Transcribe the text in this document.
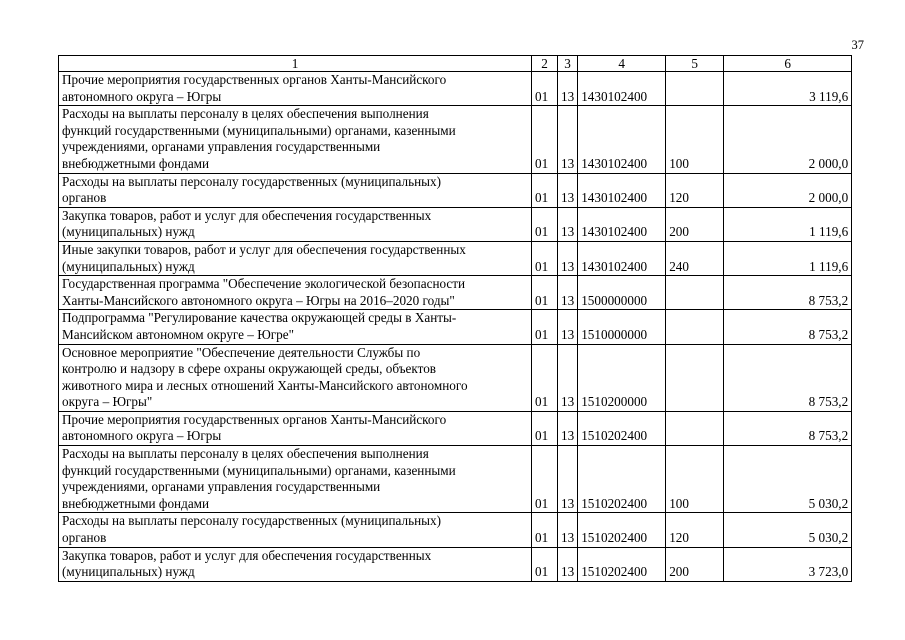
37
1	2	3	4	5	6

Прочие мероприятия государственных органов Ханты-Мансийского
автономного округа – Югры	01	13	1430102400		3 119,6

Расходы на выплаты персоналу в целях обеспечения выполнения
функций государственными (муниципальными) органами, казенными
учреждениями, органами управления государственными
внебюджетными фондами	01	13	1430102400	100	2 000,0

Расходы на выплаты персоналу государственных (муниципальных)
органов	01	13	1430102400	120	2 000,0

Закупка товаров, работ и услуг для обеспечения государственных
(муниципальных) нужд	01	13	1430102400	200	1 119,6

Иные закупки товаров, работ и услуг для обеспечения государственных
(муниципальных) нужд	01	13	1430102400	240	1 119,6

Государственная программа "Обеспечение экологической безопасности
Ханты-Мансийского автономного округа – Югры на 2016–2020 годы"	01	13	1500000000		8 753,2

Подпрограмма "Регулирование качества окружающей среды в Ханты-
Мансийском автономном округе – Югре"	01	13	1510000000		8 753,2

Основное мероприятие "Обеспечение деятельности Службы по
контролю и надзору в сфере охраны окружающей среды, объектов
животного мира и лесных отношений Ханты-Мансийского автономного
округа – Югры"	01	13	1510200000		8 753,2

Прочие мероприятия государственных органов Ханты-Мансийского
автономного округа – Югры	01	13	1510202400		8 753,2

Расходы на выплаты персоналу в целях обеспечения выполнения
функций государственными (муниципальными) органами, казенными
учреждениями, органами управления государственными
внебюджетными фондами	01	13	1510202400	100	5 030,2

Расходы на выплаты персоналу государственных (муниципальных)
органов	01	13	1510202400	120	5 030,2

Закупка товаров, работ и услуг для обеспечения государственных
(муниципальных) нужд	01	13	1510202400	200	3 723,0
